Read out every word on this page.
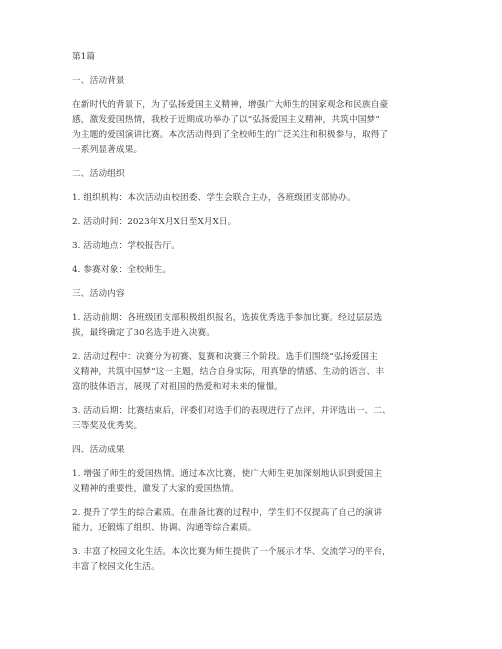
第1篇
一、活动背景
在新时代的背景下，为了弘扬爱国主义精神，增强广大师生的国家观念和民族自豪
感，激发爱国热情，我校于近期成功举办了以“弘扬爱国主义精神，共筑中国梦”
为主题的爱国演讲比赛。本次活动得到了全校师生的广泛关注和积极参与，取得了
一系列显著成果。
二、活动组织
1. 组织机构：本次活动由校团委、学生会联合主办，各班级团支部协办。
2. 活动时间：2023年X月X日至X月X日。
3. 活动地点：学校报告厅。
4. 参赛对象：全校师生。
三、活动内容
1. 活动前期：各班级团支部积极组织报名，选拔优秀选手参加比赛。经过层层选
拔，最终确定了30名选手进入决赛。
2. 活动过程中：决赛分为初赛、复赛和决赛三个阶段。选手们围绕“弘扬爱国主
义精神，共筑中国梦”这一主题，结合自身实际，用真挚的情感、生动的语言、丰
富的肢体语言，展现了对祖国的热爱和对未来的憧憬。
3. 活动后期：比赛结束后，评委们对选手们的表现进行了点评，并评选出一、二、
三等奖及优秀奖。
四、活动成果
1. 增强了师生的爱国热情。通过本次比赛，使广大师生更加深刻地认识到爱国主
义精神的重要性，激发了大家的爱国热情。
2. 提升了学生的综合素质。在准备比赛的过程中，学生们不仅提高了自己的演讲
能力，还锻炼了组织、协调、沟通等综合素质。
3. 丰富了校园文化生活。本次比赛为师生提供了一个展示才华、交流学习的平台，
丰富了校园文化生活。
